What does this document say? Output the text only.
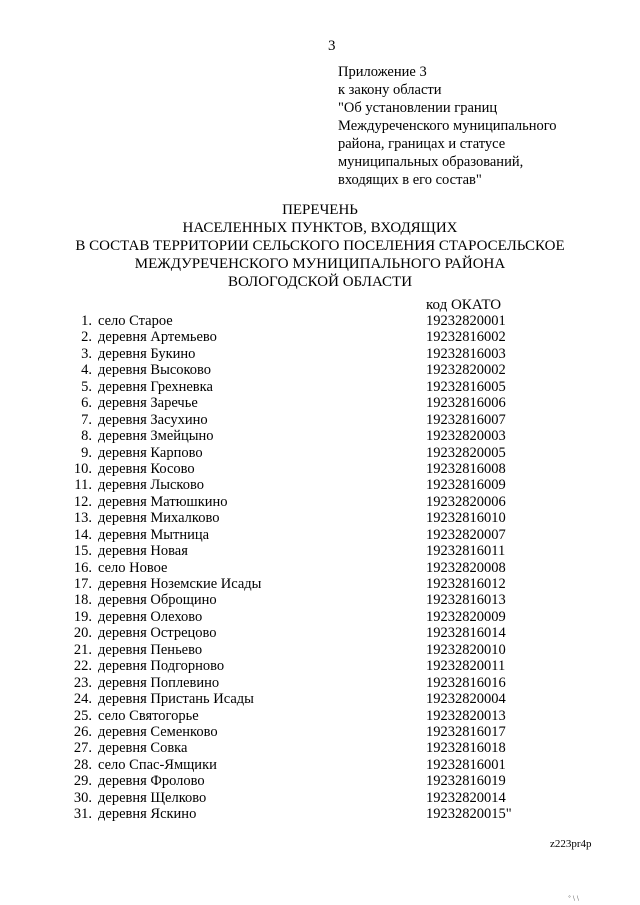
3
Приложение 3
к закону области
"Об установлении границ
Междуреченского муниципального
района, границах и статусе
муниципальных образований,
входящих в его состав"
ПЕРЕЧЕНЬ
НАСЕЛЕННЫХ ПУНКТОВ, ВХОДЯЩИХ
В СОСТАВ ТЕРРИТОРИИ СЕЛЬСКОГО ПОСЕЛЕНИЯ СТАРОСЕЛЬСКОЕ
МЕЖДУРЕЧЕНСКОГО МУНИЦИПАЛЬНОГО РАЙОНА
ВОЛОГОДСКОЙ ОБЛАСТИ
код ОКАТО
1. село Старое	19232820001
2. деревня Артемьево	19232816002
3. деревня Букино	19232816003
4. деревня Высоково	19232820002
5. деревня Грехневка	19232816005
6. деревня Заречье	19232816006
7. деревня Засухино	19232816007
8. деревня Змейцыно	19232820003
9. деревня Карпово	19232820005
10. деревня Косово	19232816008
11. деревня Лысково	19232816009
12. деревня Матюшкино	19232820006
13. деревня Михалково	19232816010
14. деревня Мытница	19232820007
15. деревня Новая	19232816011
16. село Новое	19232820008
17. деревня Ноземские Исады	19232816012
18. деревня Оброщино	19232816013
19. деревня Олехово	19232820009
20. деревня Острецово	19232816014
21. деревня Пеньево	19232820010
22. деревня Подгорново	19232820011
23. деревня Поплевино	19232816016
24. деревня Пристань Исады	19232820004
25. село Святогорье	19232820013
26. деревня Семенково	19232816017
27. деревня Совка	19232816018
28. село Спас-Ямщики	19232816001
29. деревня Фролово	19232816019
30. деревня Щелково	19232820014
31. деревня Яскино	19232820015"
z223pr4p
° \ \
